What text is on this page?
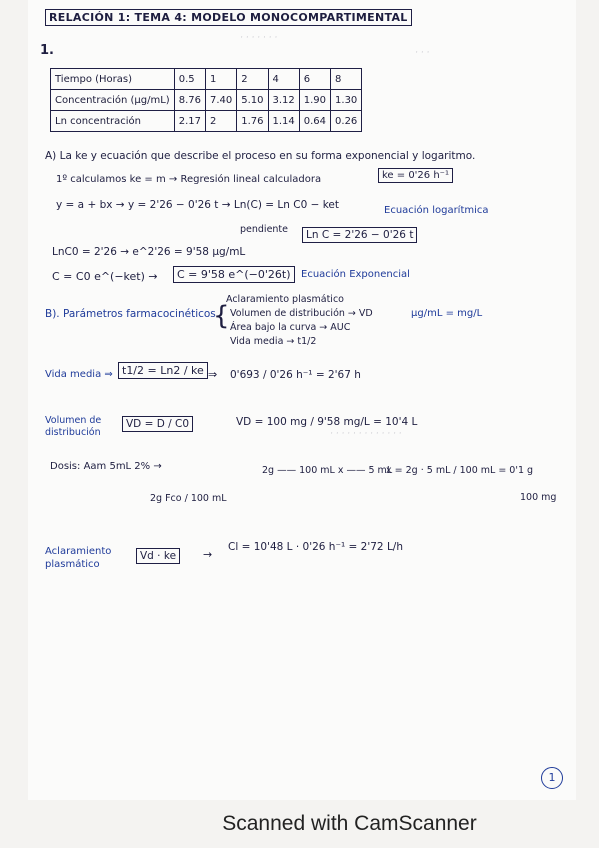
· · · · · · ·
· · ·
RELACIÓN 1: TEMA 4: MODELO MONOCOMPARTIMENTAL
1.
Tiempo (Horas)	0.5	1	2	4	6	8
Concentración (μg/mL)	8.76	7.40	5.10	3.12	1.90	1.30
Ln concentración	2.17	2	1.76	1.14	0.64	0.26
A) La ke y ecuación que describe el proceso en su forma exponencial y logaritmo.
1º calculamos ke = m → Regresión lineal calculadora	ke = 0'26 h⁻¹
y = a + bx → y = 2'26 − 0'26 t → Ln(C) = Ln C0 − ket
pendiente
Ecuación logarítmica
Ln C = 2'26 − 0'26 t
LnC0 = 2'26 → e^2'26 = 9'58 μg/mL
C = C0 e^(−ket) →	C = 9'58 e^(−0'26t)	Ecuación Exponencial
B). Parámetros farmacocinéticos
{
Aclaramiento plasmático
Volumen de distribución → VD
Área bajo la curva → AUC
Vida media → t1/2
μg/mL = mg/L
Vida media ⇒ t1/2 = Ln2 / ke ⇒ 0'693 / 0'26 h⁻¹ = 2'67 h
Volumen de distribución
VD = D / C0	VD = 100 mg / 9'58 mg/L = 10'4 L
· · · · · · · · · · · · ·
Dosis: Aam 5mL 2% →
2g Fco / 100 mL
2g —— 100 mL x —— 5 mL
x = 2g · 5 mL / 100 mL = 0'1 g
100 mg
Aclaramiento plasmático
Vd · ke	→
Cl = 10'48 L · 0'26 h⁻¹ = 2'72 L/h
1
Scanned with CamScanner
